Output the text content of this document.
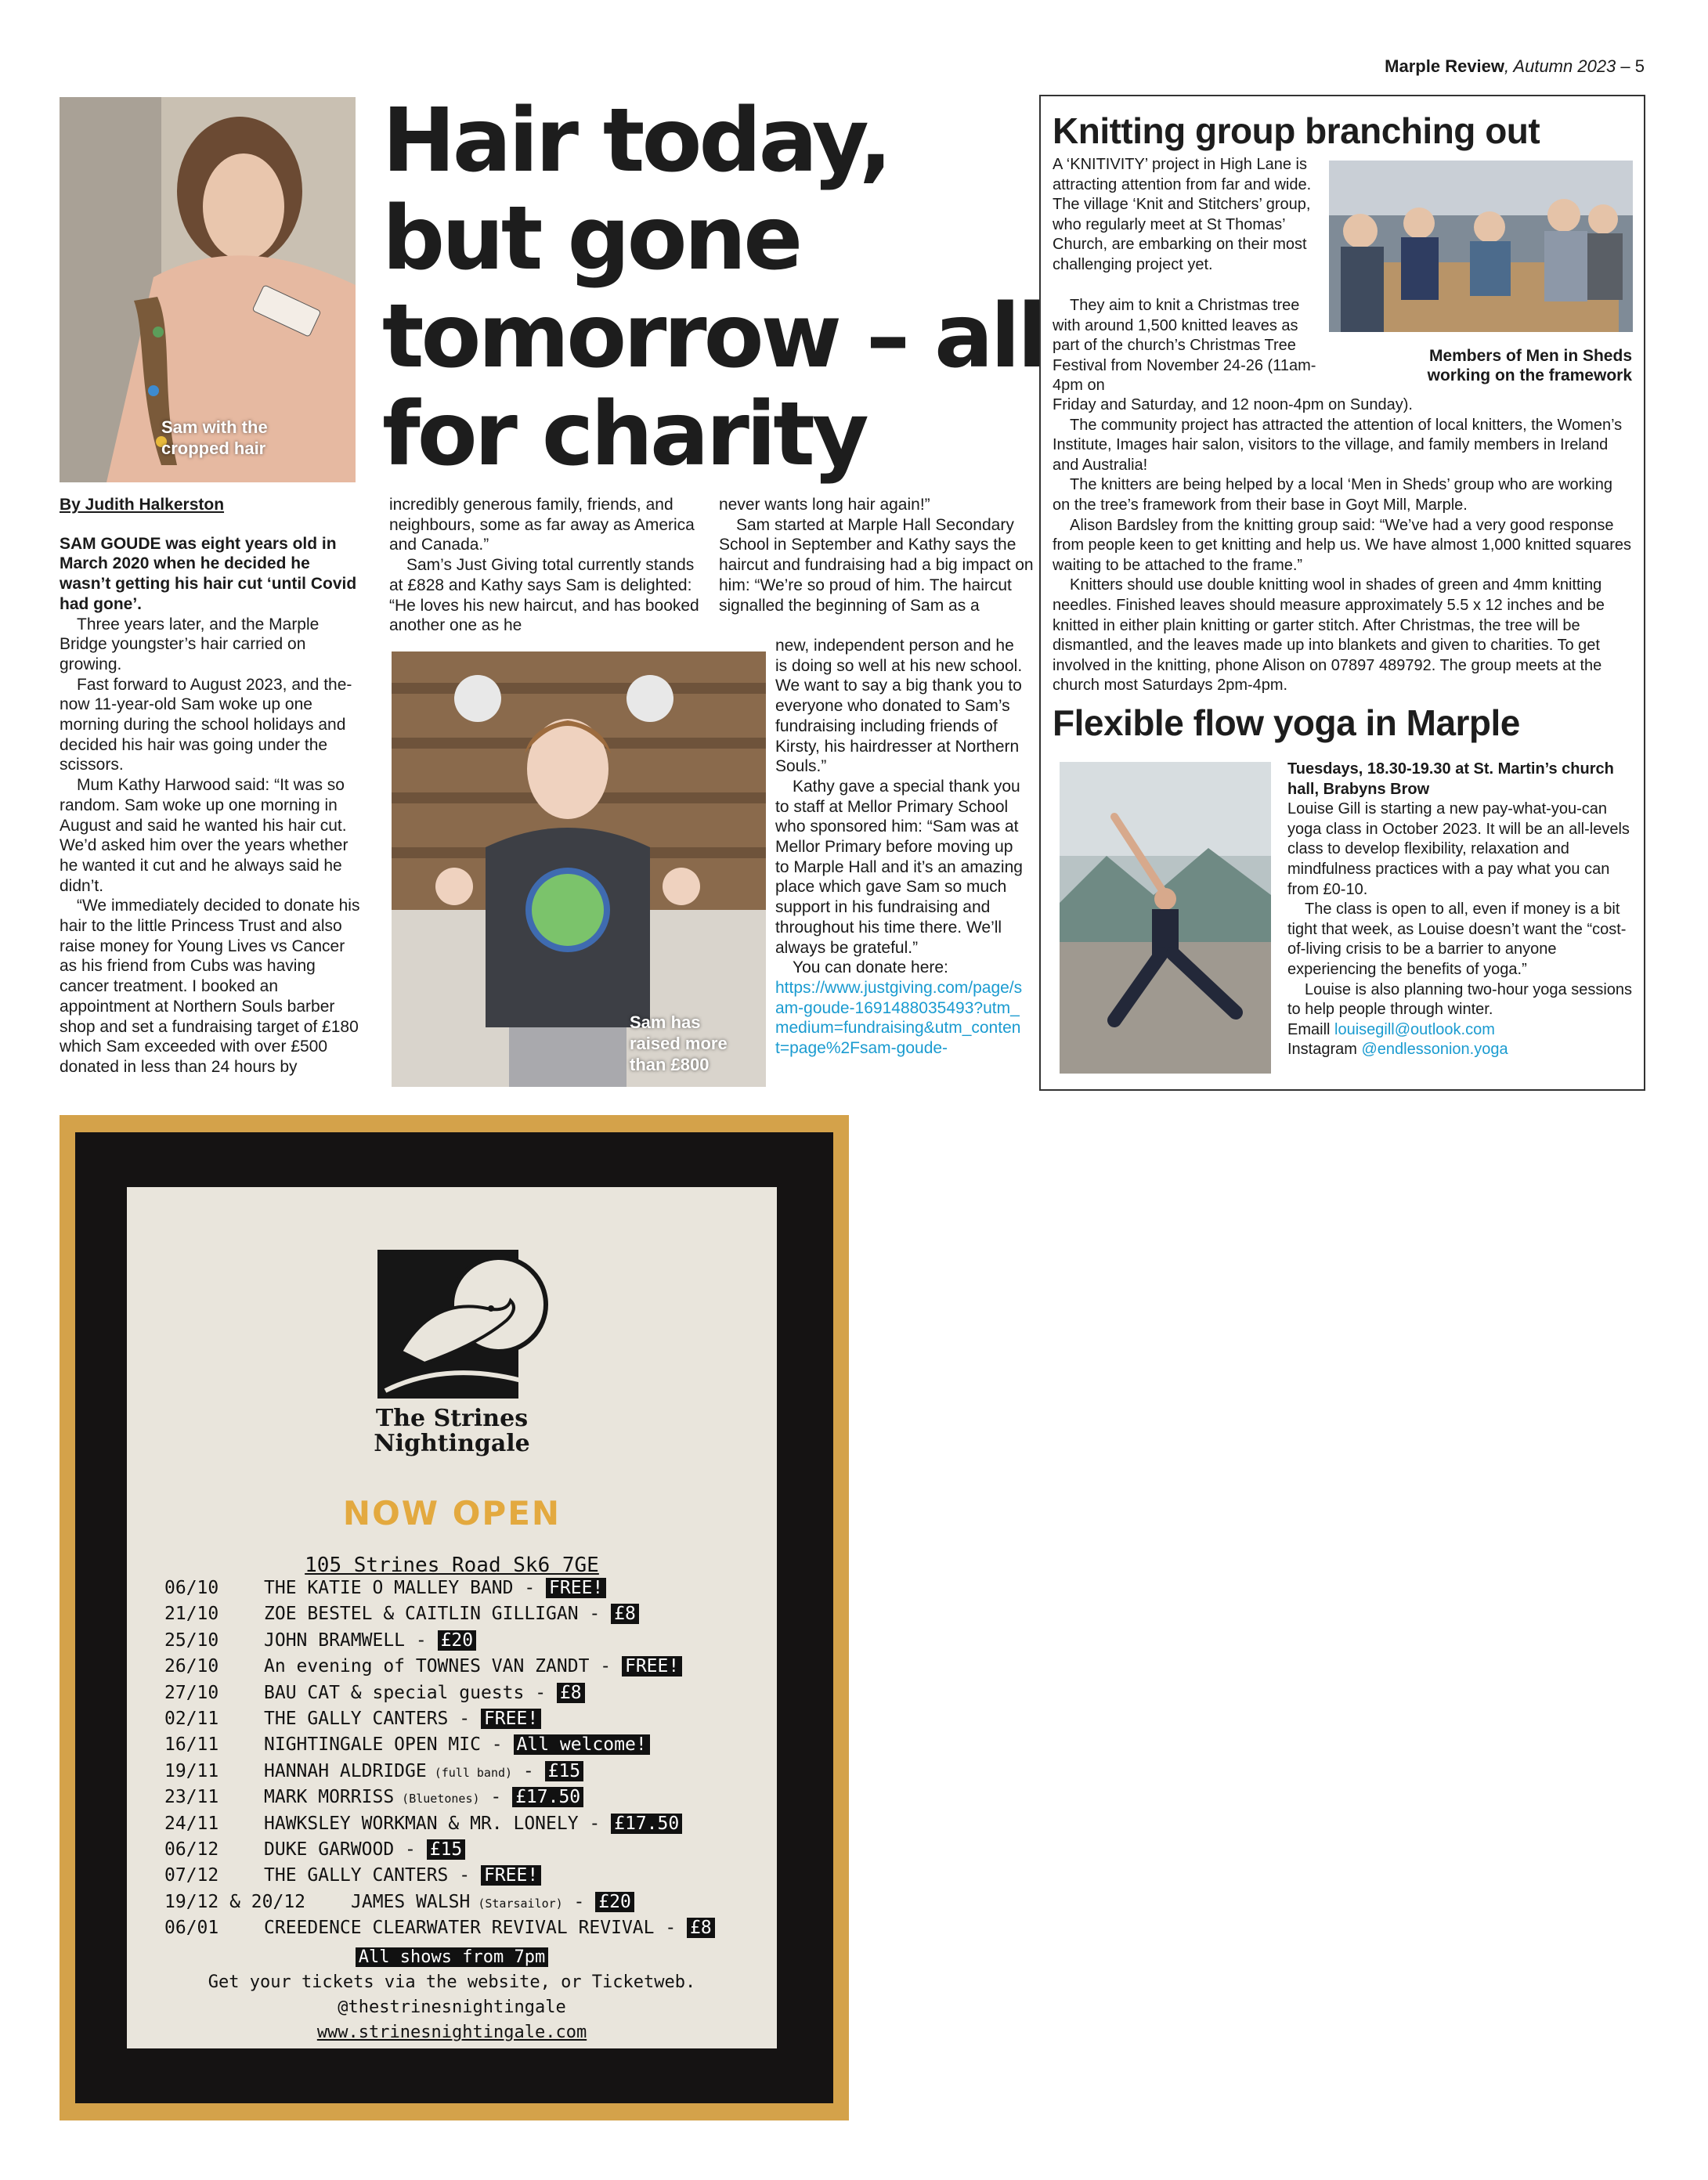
Marple Review, Autumn 2023 – 5
Sam with the cropped hair
Hair today, but gone tomorrow – all for charity

By Judith Halkerston

SAM GOUDE was eight years old in March 2020 when he decided he wasn’t getting his hair cut ‘until Covid had gone’.

Three years later, and the Marple Bridge youngster’s hair carried on growing.

Fast forward to August 2023, and the-now 11-year-old Sam woke up one morning during the school holidays and decided his hair was going under the scissors.

Mum Kathy Harwood said: “It was so random. Sam woke up one morning in August and said he wanted his hair cut. We’d asked him over the years whether he wanted it cut and he always said he didn’t.

“We immediately decided to donate his hair to the little Princess Trust and also raise money for Young Lives vs Cancer as his friend from Cubs was having cancer treatment. I booked an appointment at Northern Souls barber shop and set a fundraising target of £180 which Sam exceeded with over £500 donated in less than 24 hours by

incredibly generous family, friends, and neighbours, some as far away as America and Canada.”

Sam’s Just Giving total currently stands at £828 and Kathy says Sam is delighted: “He loves his new haircut, and has booked another one as he

Sam has raised more than £800

never wants long hair again!”

Sam started at Marple Hall Secondary School in September and Kathy says the haircut and fundraising had a big impact on him: “We’re so proud of him. The haircut signalled the beginning of Sam as a

new, independent person and he is doing so well at his new school. We want to say a big thank you to everyone who donated to Sam’s fundraising including friends of Kirsty, his hairdresser at Northern Souls.”

Kathy gave a special thank you to staff at Mellor Primary School who sponsored him: “Sam was at Mellor Primary before moving up to Marple Hall and it’s an amazing place which gave Sam so much support in his fundraising and throughout his time there. We’ll always be grateful.”

You can donate here:

https://www.justgiving.com/page/sam-goude-1691488035493?utm_medium=fundraising&utm_content=page%2Fsam-goude-

Knitting group branching out
Members of Men in Sheds working on the framework

A ‘KNITIVITY’ project in High Lane is attracting attention from far and wide. The village ‘Knit and Stitchers’ group, who regularly meet at St Thomas’ Church, are embarking on their most challenging project yet.

They aim to knit a Christmas tree with around 1,500 knitted leaves as part of the church’s Christmas Tree Festival from November 24-26 (11am-4pm on

Friday and Saturday, and 12 noon-4pm on Sunday).

The community project has attracted the attention of local knitters, the Women’s Institute, Images hair salon, visitors to the village, and family members in Ireland and Australia!

The knitters are being helped by a local ‘Men in Sheds’ group who are working on the tree’s framework from their base in Goyt Mill, Marple.

Alison Bardsley from the knitting group said: “We’ve had a very good response from people keen to get knitting and help us. We have almost 1,000 knitted squares waiting to be attached to the frame.”

Knitters should use double knitting wool in shades of green and 4mm knitting needles. Finished leaves should measure approximately 5.5 x 12 inches and be knitted in either plain knitting or garter stitch. After Christmas, the tree will be dismantled, and the leaves made up into blankets and given to charities. To get involved in the knitting, phone Alison on 07897 489792. The group meets at the church most Saturdays 2pm-4pm.

Flexible flow yoga in Marple

Tuesdays, 18.30-19.30 at St. Martin’s church hall, Brabyns Brow

Louise Gill is starting a new pay-what-you-can yoga class in October 2023. It will be an all-levels class to develop flexibility, relaxation and mindfulness practices with a pay what you can from £0-10.

The class is open to all, even if money is a bit tight that week, as Louise doesn’t want the “cost-of-living crisis to be a barrier to anyone experiencing the benefits of yoga.”

Louise is also planning two-hour yoga sessions to help people through winter.

Emaill louisegill@outlook.com

Instagram @endlessonion.yoga

The Strines
Nightingale
NOW OPEN
105 Strines Road Sk6 7GE
All shows from 7pm
Get your tickets via the website, or Ticketweb.
@thestrinesnightingale
www.strinesnightingale.com
06/10	THE KATIE O MALLEY BAND - FREE!
21/10	ZOE BESTEL & CAITLIN GILLIGAN - £8
25/10	JOHN BRAMWELL - £20
26/10	An evening of TOWNES VAN ZANDT - FREE!
27/10	BAU CAT & special guests - £8
02/11	THE GALLY CANTERS - FREE!
16/11	NIGHTINGALE OPEN MIC - All welcome!
19/11	HANNAH ALDRIDGE (full band) - £15
23/11	MARK MORRISS (Bluetones) - £17.50
24/11	HAWKSLEY WORKMAN & MR. LONELY - £17.50
06/12	DUKE GARWOOD - £15
07/12	THE GALLY CANTERS - FREE!
19/12 & 20/12	JAMES WALSH (Starsailor) - £20
06/01	CREEDENCE CLEARWATER REVIVAL REVIVAL - £8
